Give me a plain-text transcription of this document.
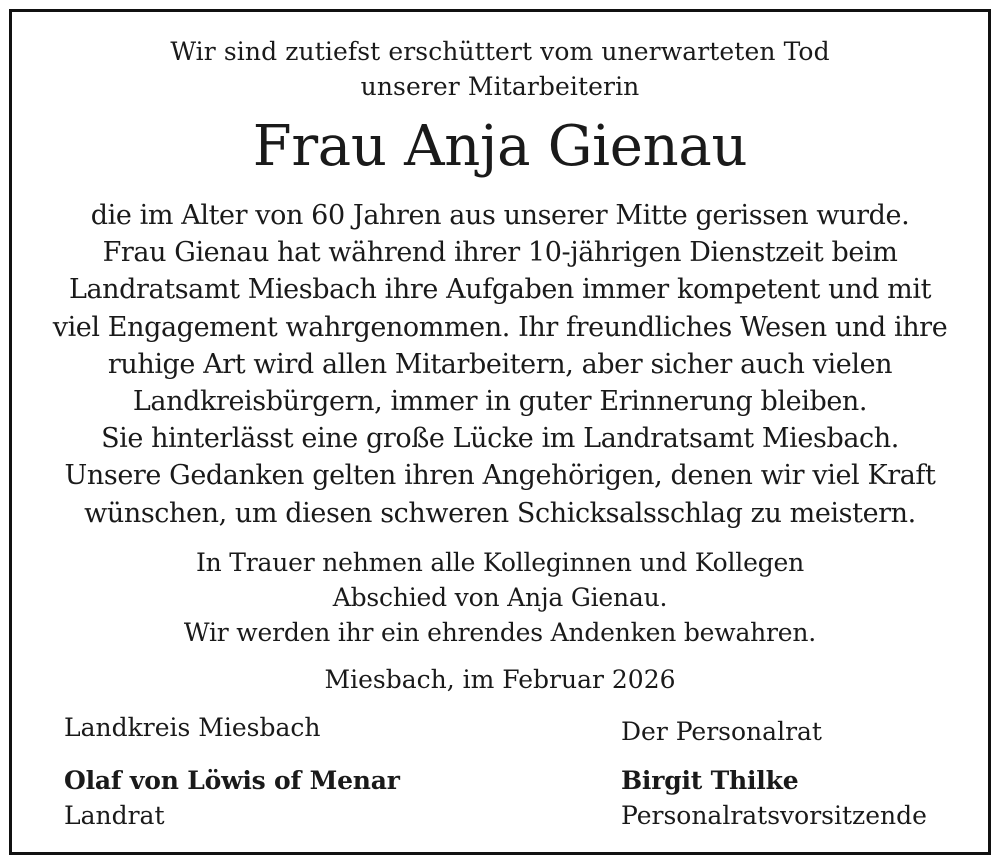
Wir sind zutiefst erschüttert vom unerwarteten Tod
unserer Mitarbeiterin
Frau Anja Gienau
die im Alter von 60 Jahren aus unserer Mitte gerissen wurde.
Frau Gienau hat während ihrer 10-jährigen Dienstzeit beim
Landratsamt Miesbach ihre Aufgaben immer kompetent und mit
viel Engagement wahrgenommen. Ihr freundliches Wesen und ihre
ruhige Art wird allen Mitarbeitern, aber sicher auch vielen
Landkreisbürgern, immer in guter Erinnerung bleiben.
Sie hinterlässt eine große Lücke im Landratsamt Miesbach.
Unsere Gedanken gelten ihren Angehörigen, denen wir viel Kraft
wünschen, um diesen schweren Schicksalsschlag zu meistern.
In Trauer nehmen alle Kolleginnen und Kollegen
Abschied von Anja Gienau.
Wir werden ihr ein ehrendes Andenken bewahren.
Miesbach, im Februar 2026
Landkreis Miesbach
Olaf von Löwis of Menar
Landrat
Der Personalrat
Birgit Thilke
Personalratsvorsitzende
